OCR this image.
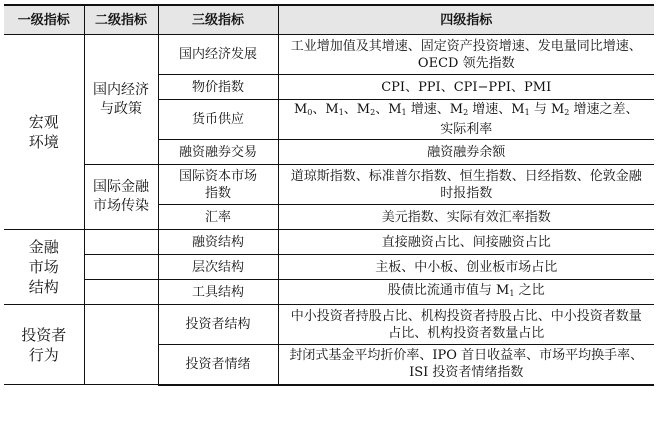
一级指标	二级指标	三级指标	四级指标

宏观环境	国内经济与政策	国内经济发展	工业增加值及其增速、固定资产投资增速、发电量同比增速、OECD 领先指数
		物价指数	CPI、PPI、CPI−PPI、PMI
		货币供应	$M_0$、$M_1$、$M_2$、$M_1$ 增速、$M_2$ 增速、$M_1$ 与 $M_2$ 增速之差、
实际利率
		融资融券交易	融资融券余额

	国际金融市场传染	国际资本市场指数	道琼斯指数、标准普尔指数、恒生指数、日经指数、伦敦金融时报指数
		汇率	美元指数、实际有效汇率指数

金融市场结构		融资结构	直接融资占比、间接融资占比
		层次结构	主板、中小板、创业板市场占比
		工具结构	股债比流通市值与 $M_1$ 之比

投资者行为		投资者结构	中小投资者持股占比、机构投资者持股占比、中小投资者数量占比、机构投资者数量占比
		投资者情绪	封闭式基金平均折价率、IPO 首日收益率、市场平均换手率、ISI 投资者情绪指数
